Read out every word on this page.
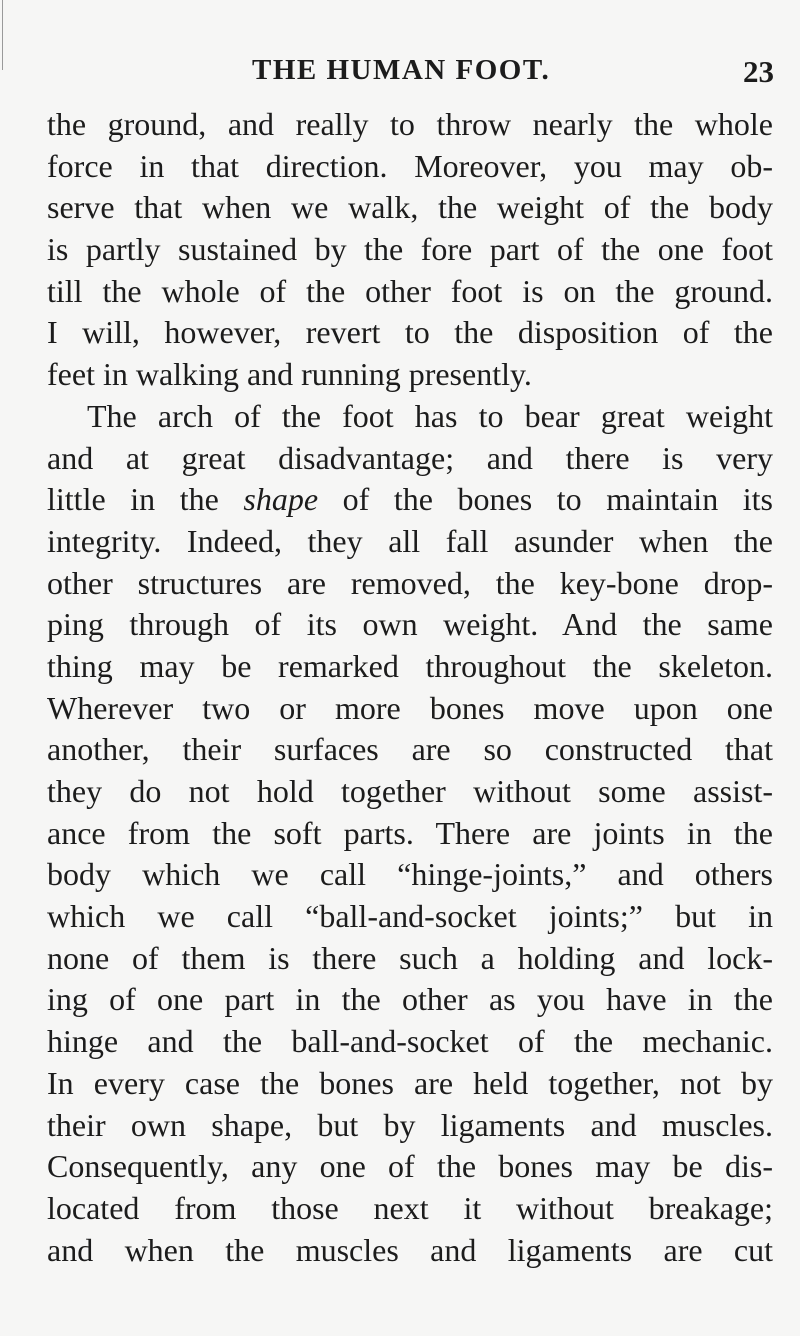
THE HUMAN FOOT.	23
the ground, and really to throw nearly the whole
force in that direction. Moreover, you may ob-
serve that when we walk, the weight of the body
is partly sustained by the fore part of the one foot
till the whole of the other foot is on the ground.
I will, however, revert to the disposition of the
feet in walking and running presently.
The arch of the foot has to bear great weight
and at great disadvantage; and there is very
little in the shape of the bones to maintain its
integrity. Indeed, they all fall asunder when the
other structures are removed, the key-bone drop-
ping through of its own weight. And the same
thing may be remarked throughout the skeleton.
Wherever two or more bones move upon one
another, their surfaces are so constructed that
they do not hold together without some assist-
ance from the soft parts. There are joints in the
body which we call “hinge-joints,” and others
which we call “ball-and-socket joints;” but in
none of them is there such a holding and lock-
ing of one part in the other as you have in the
hinge and the ball-and-socket of the mechanic.
In every case the bones are held together, not by
their own shape, but by ligaments and muscles.
Consequently, any one of the bones may be dis-
located from those next it without breakage;
and when the muscles and ligaments are cut
